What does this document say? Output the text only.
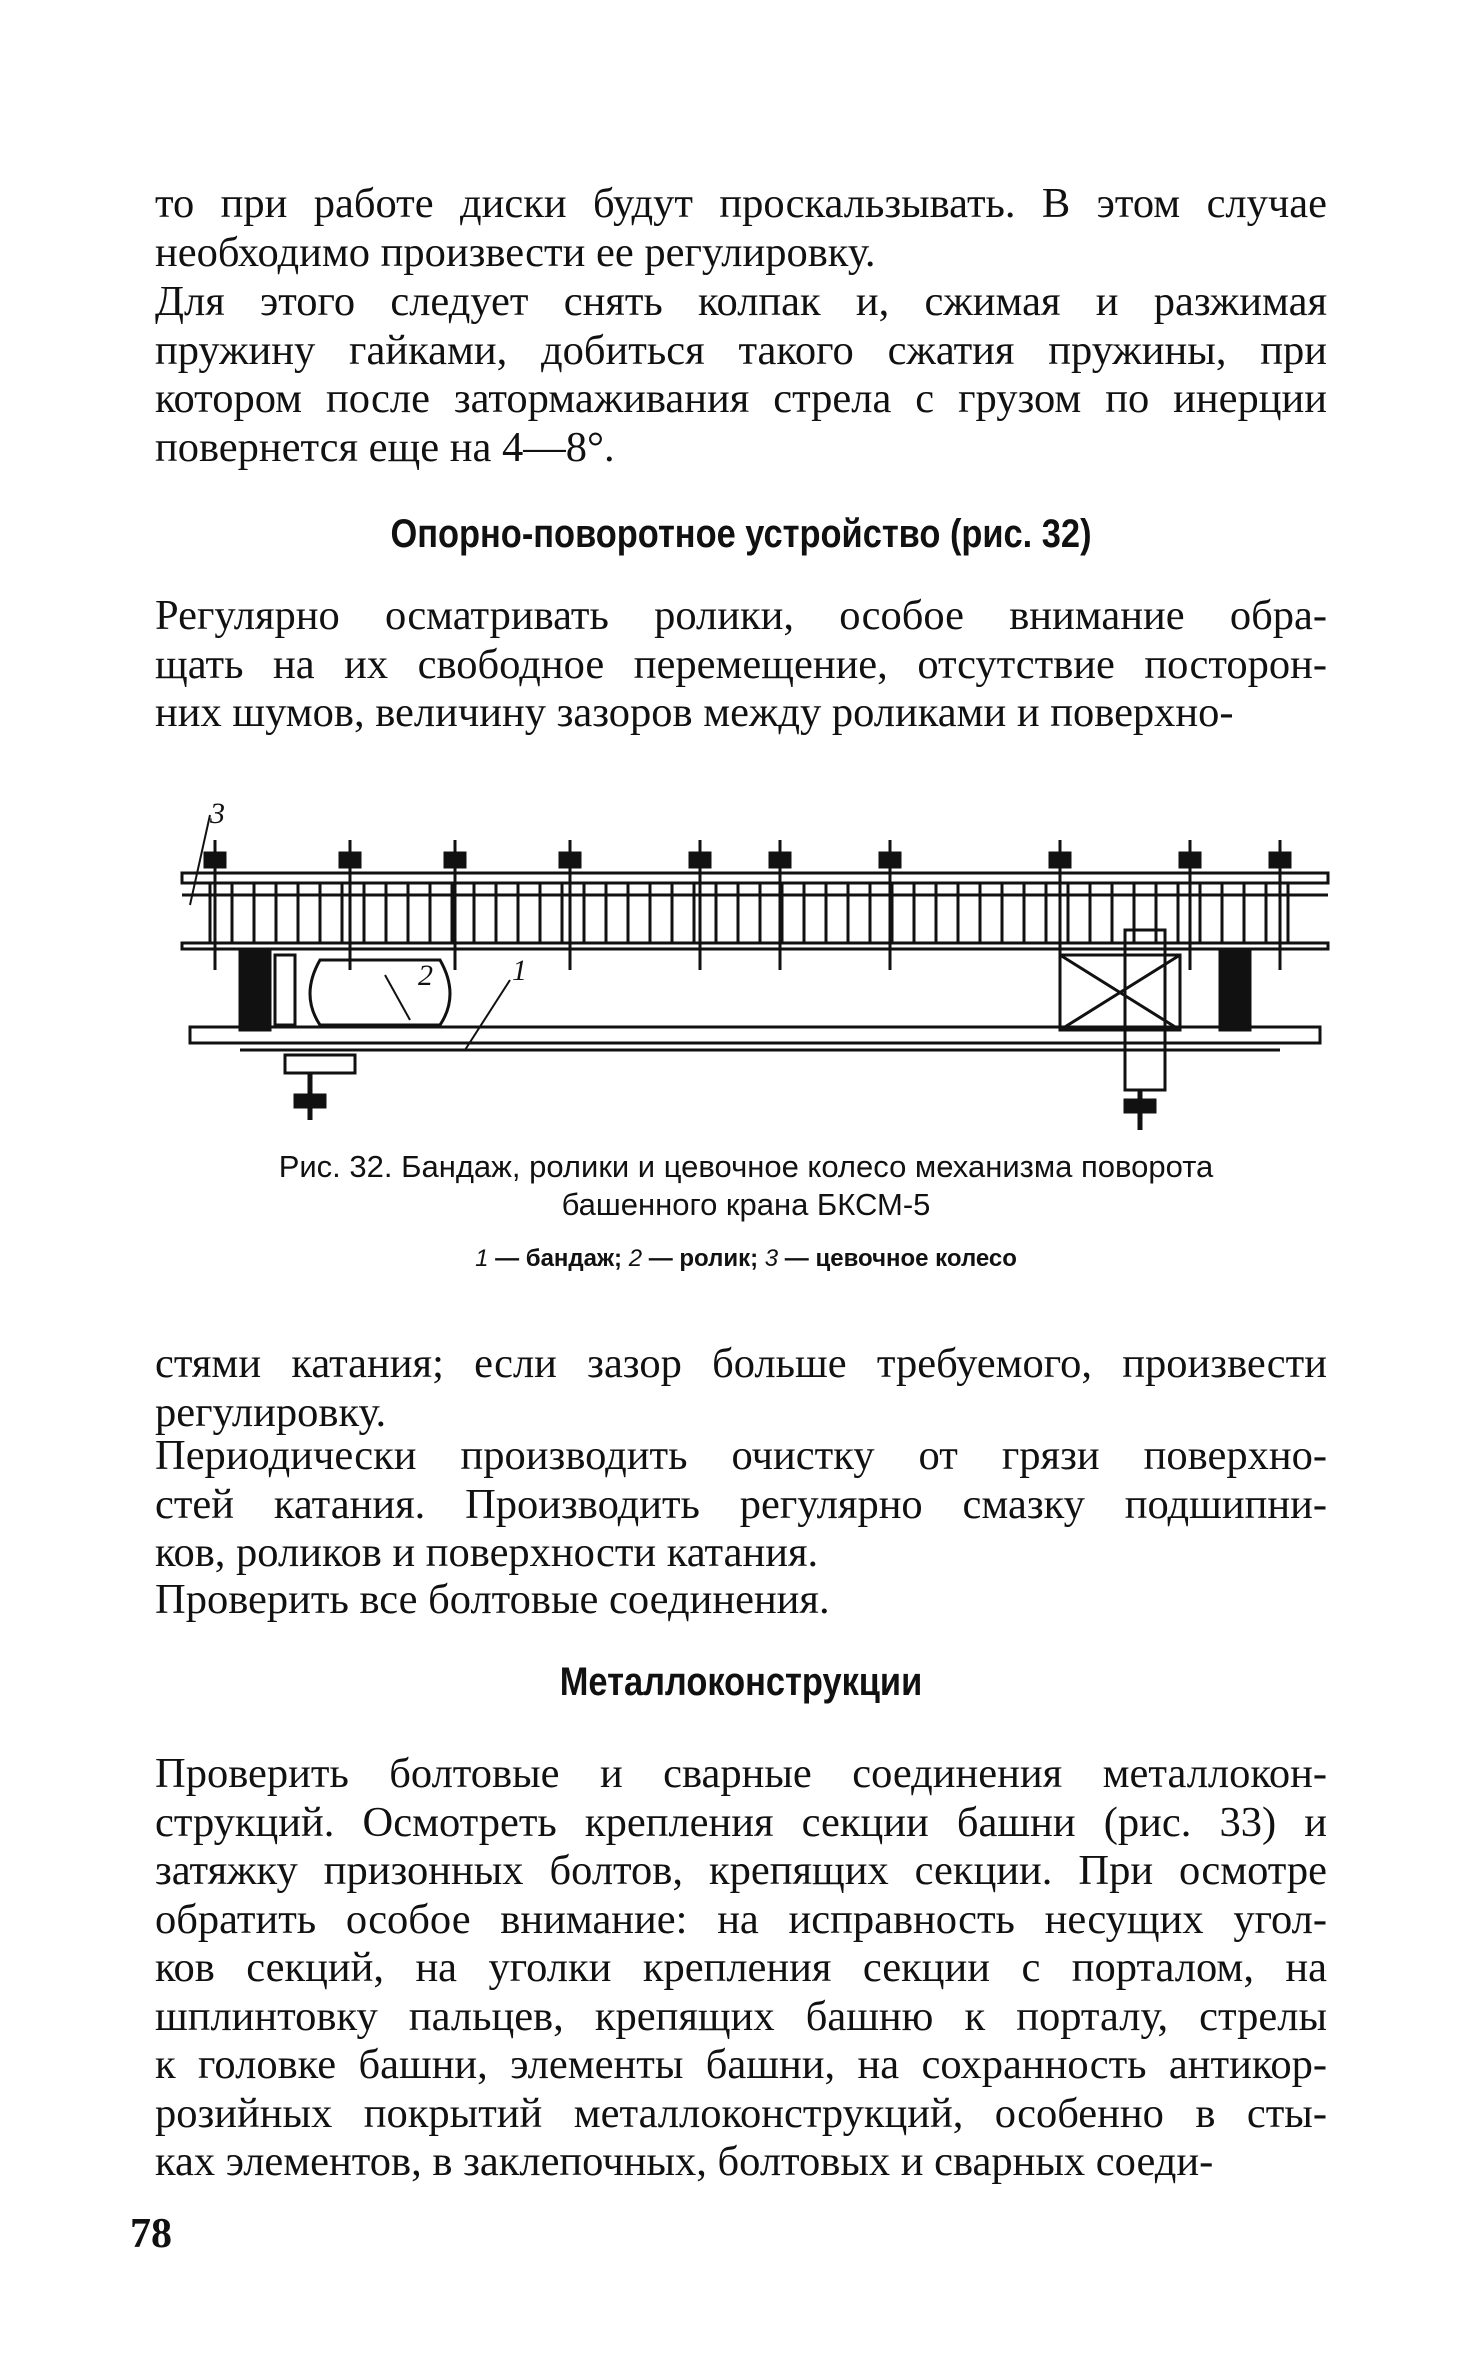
то при работе диски будут проскальзывать. В этом случае
необходимо произвести ее регулировку.
Для этого следует снять колпак и, сжимая и разжимая
пружину гайками, добиться такого сжатия пружины, при
котором после затормаживания стрела с грузом по инерции
повернется еще на 4—8°.
Опорно-поворотное устройство (рис. 32)
Регулярно осматривать ролики, особое внимание обра-
щать на их свободное перемещение, отсутствие посторон-
них шумов, величину зазоров между роликами и поверхно-
3
2	1
Рис. 32. Бандаж, ролики и цевочное колесо механизма поворота
башенного крана БКСМ-5
1 — бандаж; 2 — ролик; 3 — цевочное колесо
стями катания; если зазор больше требуемого, произвести
регулировку.
Периодически производить очистку от грязи поверхно-
стей катания. Производить регулярно смазку подшипни-
ков, роликов и поверхности катания.
Проверить все болтовые соединения.
Металлоконструкции
Проверить болтовые и сварные соединения металлокон-
струкций. Осмотреть крепления секции башни (рис. 33) и
затяжку призонных болтов, крепящих секции. При осмотре
обратить особое внимание: на исправность несущих угол-
ков секций, на уголки крепления секции с порталом, на
шплинтовку пальцев, крепящих башню к порталу, стрелы
к головке башни, элементы башни, на сохранность антикор-
розийных покрытий металлоконструкций, особенно в сты-
ках элементов, в заклепочных, болтовых и сварных соеди-
78
